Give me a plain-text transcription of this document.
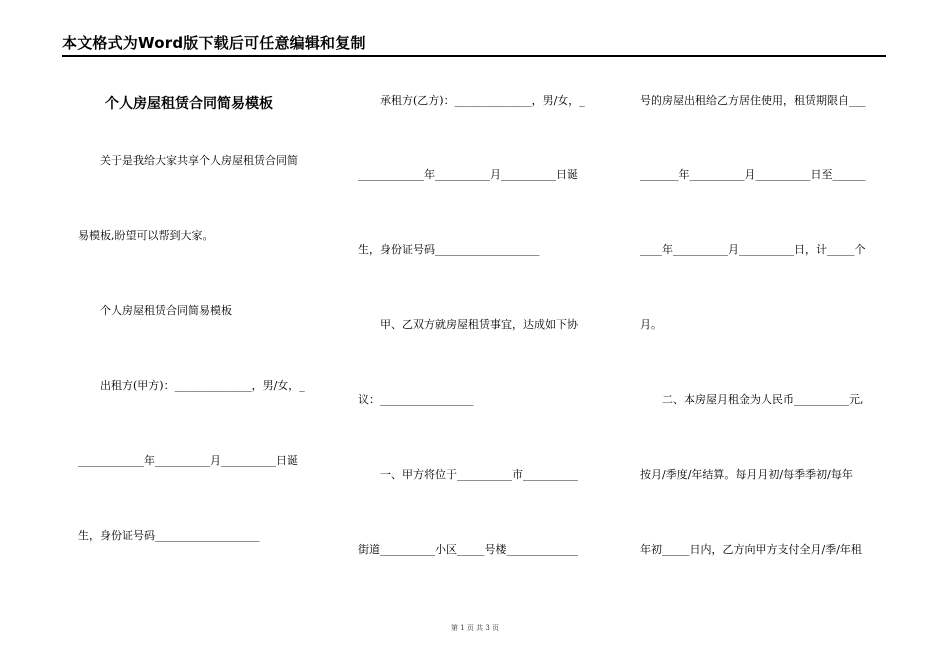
本文格式为Word版下载后可任意编辑和复制
个人房屋租赁合同简易模板
关于是我给大家共享个人房屋租赁合同简
易模板,盼望可以帮到大家。
个人房屋租赁合同简易模板
出租方(甲方)：______________，男/女，_
____________年__________月__________日诞
生，身份证号码___________________
承租方(乙方)：______________，男/女，_
____________年__________月__________日诞
生，身份证号码___________________
甲、乙双方就房屋租赁事宜，达成如下协
议：_________________
一、甲方将位于__________市__________
街道__________小区_____号楼_____________
号的房屋出租给乙方居住使用，租赁期限自___
_______年__________月__________日至______
____年__________月__________日，计_____个
月。
二、本房屋月租金为人民币__________元,
按月/季度/年结算。每月月初/每季季初/每年
年初_____日内，乙方向甲方支付全月/季/年租
第 1 页 共 3 页
